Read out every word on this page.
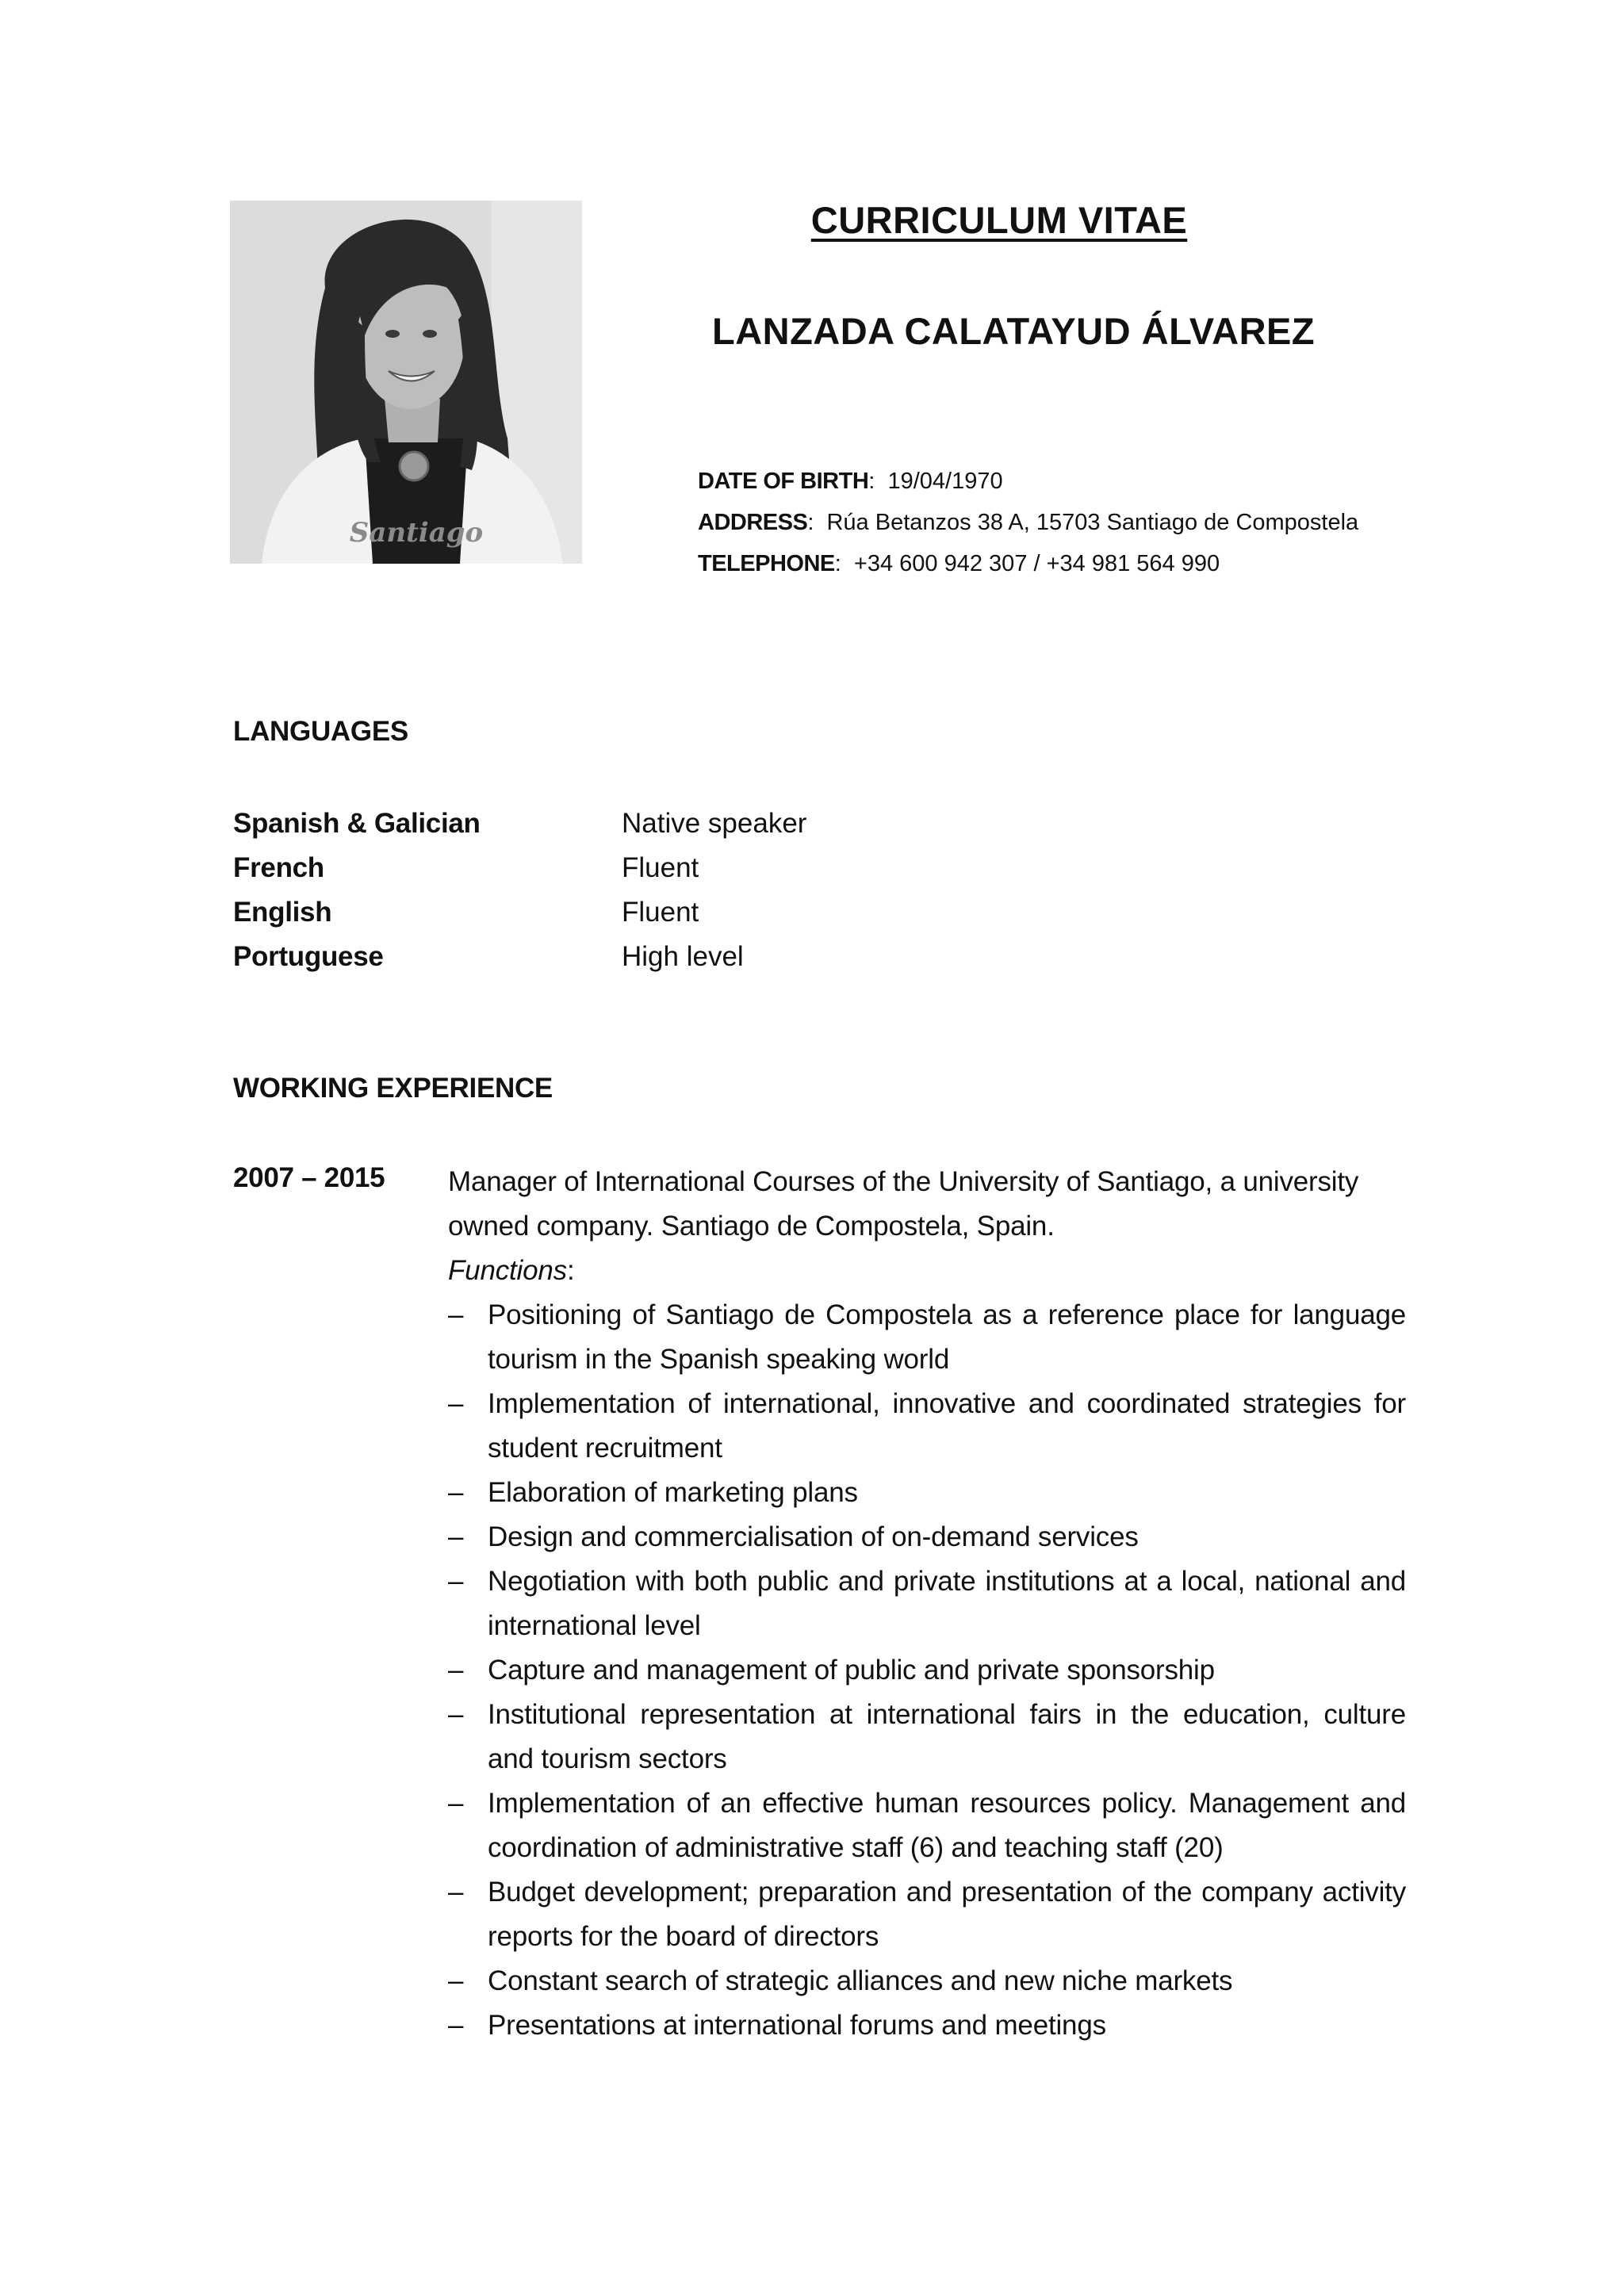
Santiago
CURRICULUM VITAE
LANZADA CALATAYUD ÁLVAREZ
DATE OF BIRTH:  19/04/1970
ADDRESS:  Rúa Betanzos 38 A, 15703 Santiago de Compostela
TELEPHONE:  +34 600 942 307 / +34 981 564 990
LANGUAGES
Spanish & Galician	Native speaker
French	Fluent
English	Fluent
Portuguese	High level
WORKING EXPERIENCE
2007 – 2015 Manager of International Courses of the University of Santiago, a university owned company. Santiago de Compostela, Spain.

Functions:

– Positioning of Santiago de Compostela as a reference place for language tourism in the Spanish speaking world
– Implementation of international, innovative and coordinated strategies for student recruitment
– Elaboration of marketing plans
– Design and commercialisation of on-demand services
– Negotiation with both public and private institutions at a local, national and international level
– Capture and management of public and private sponsorship
– Institutional representation at international fairs in the education, culture and tourism sectors
– Implementation of an effective human resources policy. Management and coordination of administrative staff (6) and teaching staff (20)
– Budget development; preparation and presentation of the company activity reports for the board of directors
– Constant search of strategic alliances and new niche markets
– Presentations at international forums and meetings
